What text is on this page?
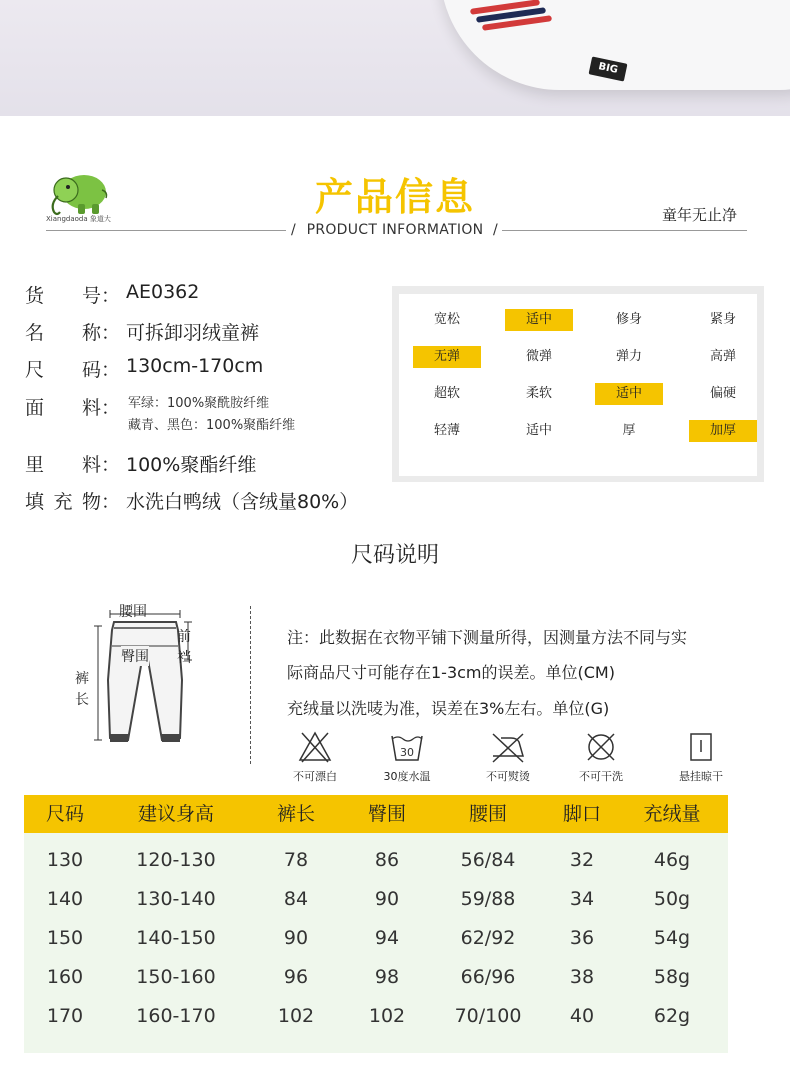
BIG
Xiangdaoda 象道大	产品信息
/ PRODUCT INFORMATION /
童年无止净
货 号： AE0362
名 称： 可拆卸羽绒童裤
尺 码： 130cm-170cm
面 料： 军绿：100%聚酰胺纤维
藏青、黑色：100%聚酯纤维
里 料： 100%聚酯纤维
填 充 物： 水洗白鸭绒（含绒量80%）
宽松	适中	修身	紧身
无弹	微弹	弹力	高弹
超软	柔软	适中	偏硬
轻薄	适中	厚	加厚
尺码说明
腰围
前
裆
臀围
裤
长
注：此数据在衣物平铺下测量所得，因测量方法不同与实
际商品尺寸可能存在1-3cm的误差。单位(CM)
充绒量以洗唛为准，误差在3%左右。单位(G)
不可漂白
30
30度水温	不可熨烫	不可干洗	悬挂晾干
尺码	建议身高	裤长	臀围	腰围	脚口	充绒量
130	120-130	78	86	56/84	32	46g
140	130-140	84	90	59/88	34	50g
150	140-150	90	94	62/92	36	54g
160	150-160	96	98	66/96	38	58g
170	160-170	102	102	70/100	40	62g
